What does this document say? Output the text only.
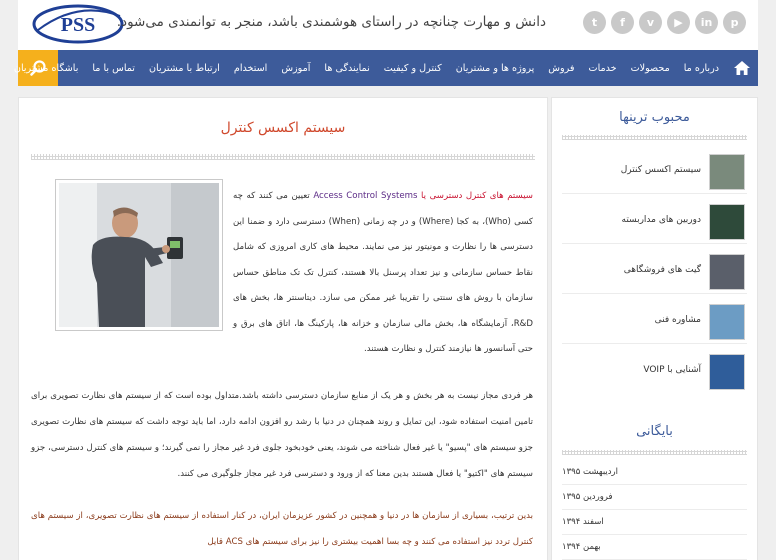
PSS دانش و مهارت چنانچه در راستای هوشمندی باشد، منجر به توانمندی می‌شود.	t	f	v	▶	in	p
درباره ما
محصولات
خدمات
فروش
پروژه ها و مشتریان
کنترل و کیفیت
نمایندگی ها
آموزش
استخدام
ارتباط با مشتریان
تماس با ما
باشگاه مشتریان
سیستم اکسس کنترل
سیستم های کنترل دسترسی یا Access Control Systems تعیین می کنند که چه کسی (Who)، به کجا (Where) و در چه زمانی (When) دسترسی دارد و ضمنا این دسترسی ها را نظارت و مونیتور نیز می نمایند. محیط های کاری امروزی که شامل نقاط حساس سازمانی و نیز تعداد پرسنل بالا هستند، کنترل تک تک مناطق حساس سازمان با روش های سنتی را تقریبا غیر ممکن می سازد. دیتاسنتر ها، بخش های R&D، آزمایشگاه ها، بخش مالی سازمان و خزانه ها، پارکینگ ها، اتاق های برق و حتی آسانسور ها نیازمند کنترل و نظارت هستند.
هر فردی مجاز نیست به هر بخش و هر یک از منابع سازمان دسترسی داشته باشد.متداول بوده است که از سیستم های نظارت تصویری برای تامین امنیت استفاده شود، این تمایل و روند همچنان در دنیا با رشد رو افزون ادامه دارد، اما باید توجه داشت که سیستم های نظارت تصویری جزو سیستم های "پسیو" یا غیر فعال شناخته می شوند، یعنی خودبخود جلوی فرد غیر مجاز را نمی گیرند؛ و سیستم های کنترل دسترسی، جزو سیستم های "اکتیو" یا فعال هستند بدین معنا که از ورود و دسترسی فرد غیر مجاز جلوگیری می کنند.
بدین ترتیب، بسیاری از سازمان ها در دنیا و همچنین در کشور عزیزمان ایران، در کنار استفاده از سیستم های نظارت تصویری، از سیستم های کنترل تردد نیز استفاده می کنند و چه بسا اهمیت بیشتری را نیز برای سیستم های ACS قایل
محبوب ترینها
سیستم اکسس کنترل
دوربین های مداربسته
گیت های فروشگاهی
مشاوره فنی
آشنایی با VOIP
بایگانی
اردیبهشت ۱۳۹۵
فروردین ۱۳۹۵
اسفند ۱۳۹۴
بهمن ۱۳۹۴
